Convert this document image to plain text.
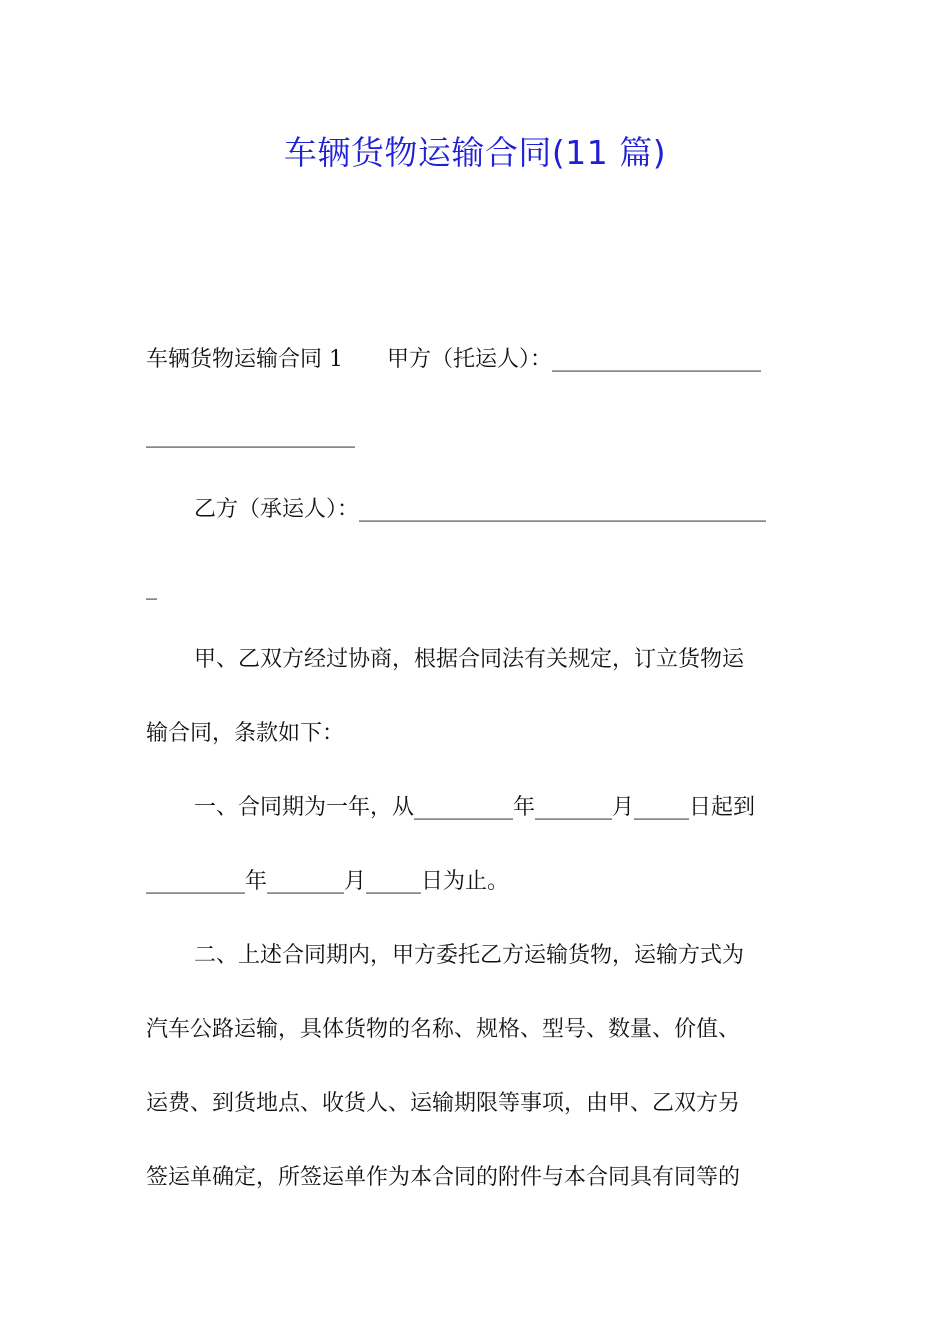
车辆货物运输合同(11 篇)
车辆货物运输合同 1　　甲方（托运人）：___________________
___________________
乙方（承运人）：_____________________________________
_
甲、乙双方经过协商，根据合同法有关规定，订立货物运
输合同，条款如下：
一、合同期为一年，从_________年_______月_____日起到
_________年_______月_____日为止。
二、上述合同期内，甲方委托乙方运输货物，运输方式为
汽车公路运输，具体货物的名称、规格、型号、数量、价值、
运费、到货地点、收货人、运输期限等事项，由甲、乙双方另
签运单确定，所签运单作为本合同的附件与本合同具有同等的
